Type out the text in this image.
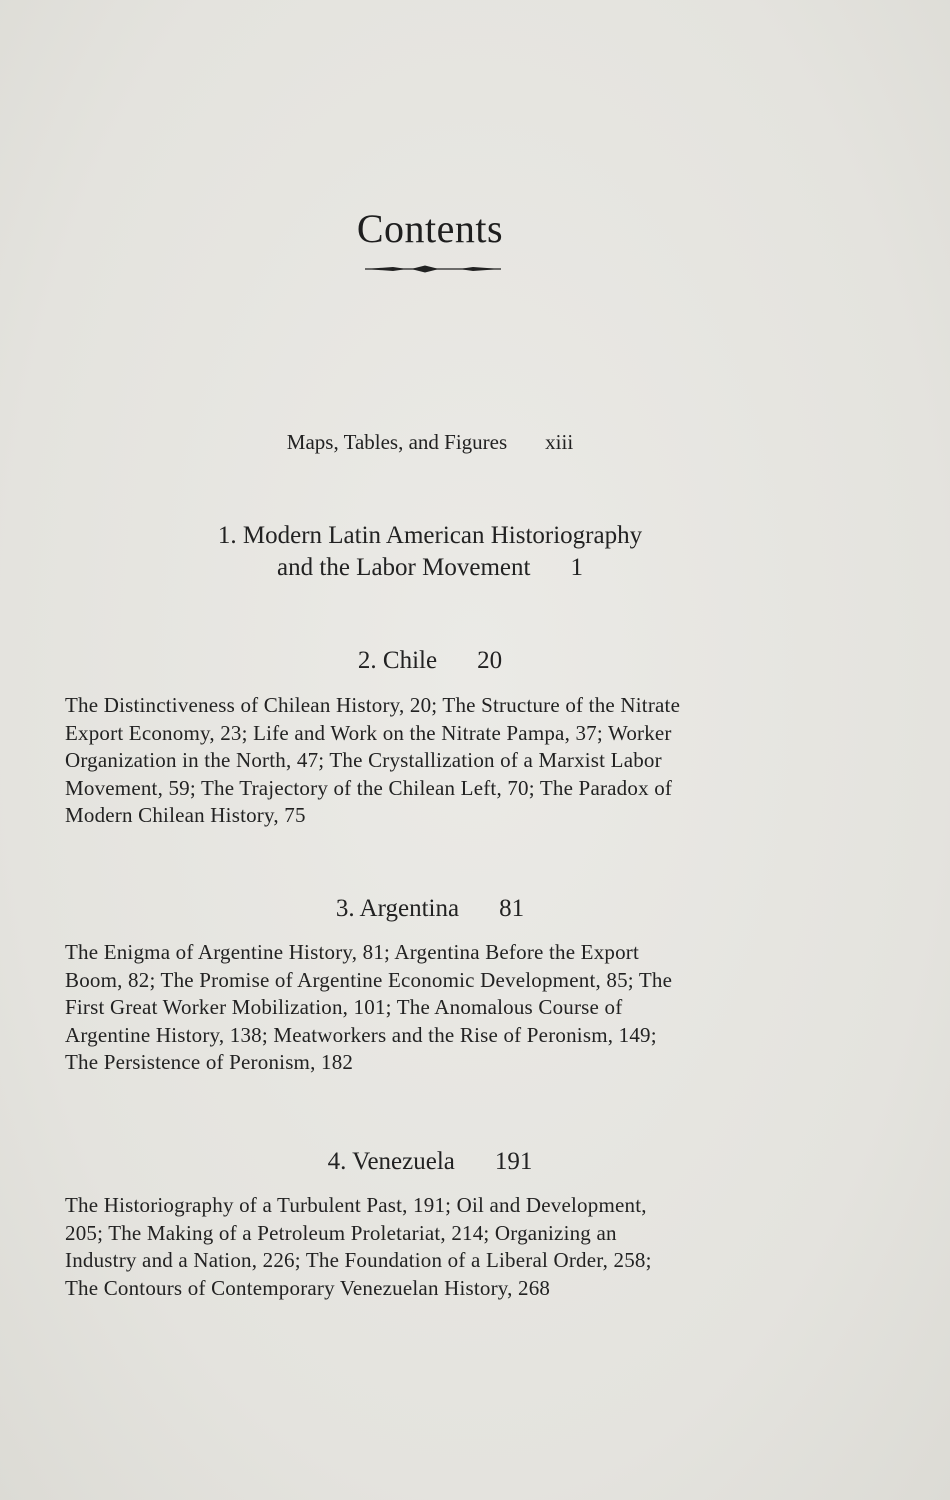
Contents
Maps, Tables, and Figures xiii
1. Modern Latin American Historiography
and the Labor Movement 1
2. Chile 20
The Distinctiveness of Chilean History, 20; The Structure of the Nitrate
Export Economy, 23; Life and Work on the Nitrate Pampa, 37; Worker
Organization in the North, 47; The Crystallization of a Marxist Labor
Movement, 59; The Trajectory of the Chilean Left, 70; The Paradox of
Modern Chilean History, 75
3. Argentina 81
The Enigma of Argentine History, 81; Argentina Before the Export
Boom, 82; The Promise of Argentine Economic Development, 85; The
First Great Worker Mobilization, 101; The Anomalous Course of
Argentine History, 138; Meatworkers and the Rise of Peronism, 149;
The Persistence of Peronism, 182
4. Venezuela 191
The Historiography of a Turbulent Past, 191; Oil and Development,
205; The Making of a Petroleum Proletariat, 214; Organizing an
Industry and a Nation, 226; The Foundation of a Liberal Order, 258;
The Contours of Contemporary Venezuelan History, 268
